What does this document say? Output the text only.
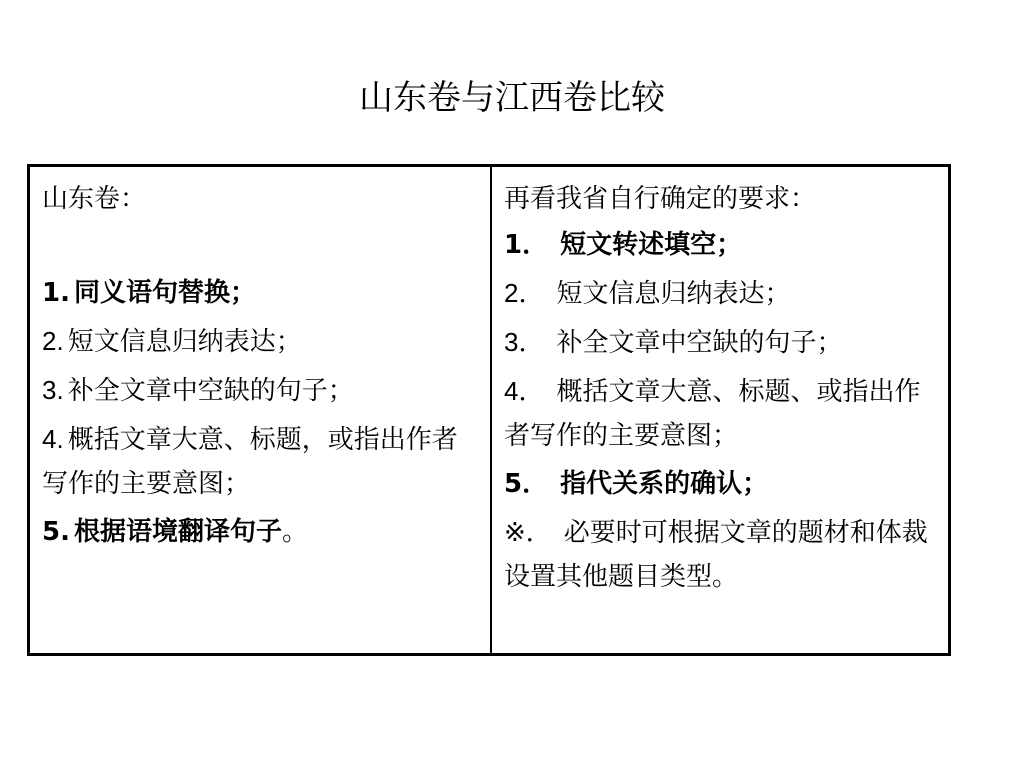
山东卷与江西卷比较
山东卷：
1. 同义语句替换；
2. 短文信息归纳表达；
3. 补全文章中空缺的句子；
4. 概括文章大意、标题，或指出作者写作的主要意图；
5. 根据语境翻译句子。
再看我省自行确定的要求：
1． 短文转述填空；
2． 短文信息归纳表达；
3． 补全文章中空缺的句子；
4． 概括文章大意、标题、或指出作者写作的主要意图；
5． 指代关系的确认；
※． 必要时可根据文章的题材和体裁设置其他题目类型。
